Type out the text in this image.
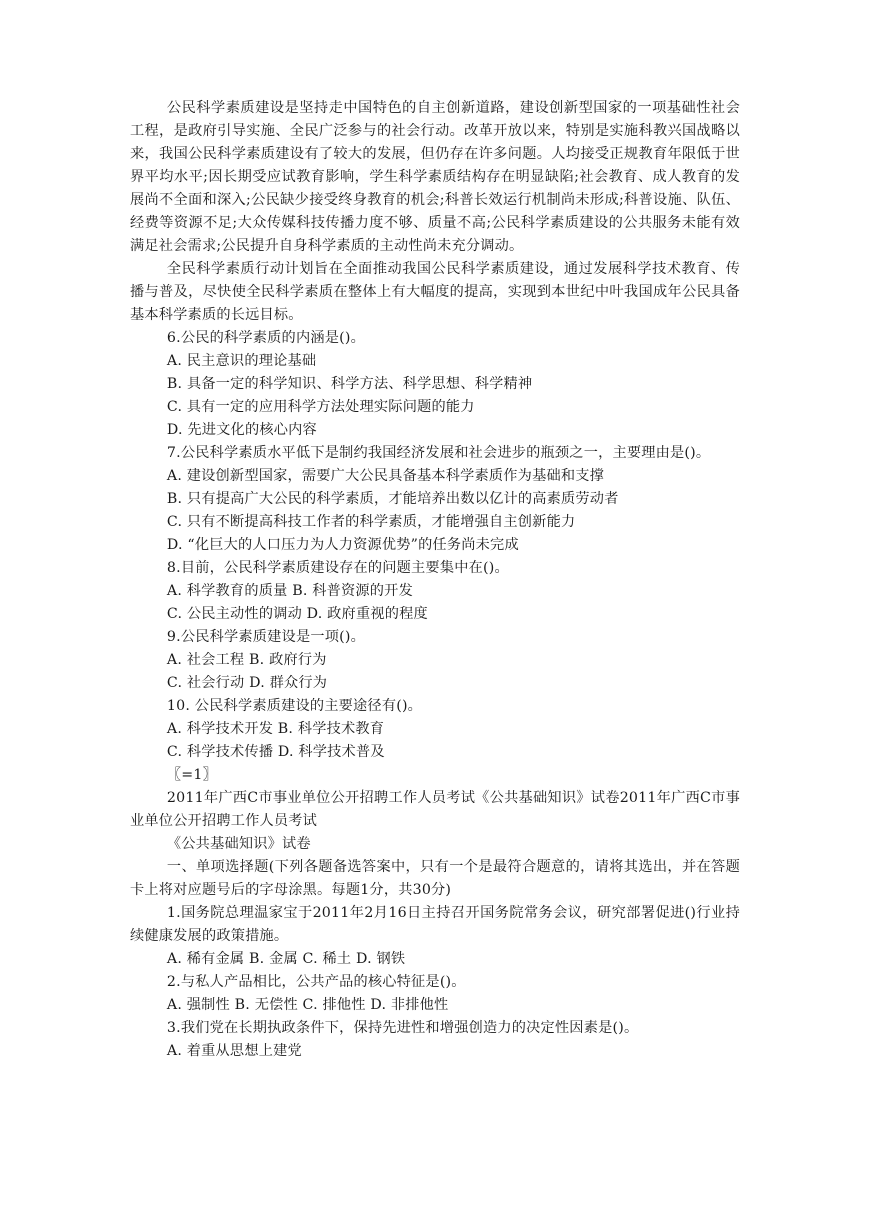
公民科学素质建设是坚持走中国特色的自主创新道路，建设创新型国家的一项基础性社会工程，是政府引导实施、全民广泛参与的社会行动。改革开放以来，特别是实施科教兴国战略以来，我国公民科学素质建设有了较大的发展，但仍存在许多问题。人均接受正规教育年限低于世界平均水平;因长期受应试教育影响，学生科学素质结构存在明显缺陷;社会教育、成人教育的发展尚不全面和深入;公民缺少接受终身教育的机会;科普长效运行机制尚未形成;科普设施、队伍、经费等资源不足;大众传媒科技传播力度不够、质量不高;公民科学素质建设的公共服务未能有效满足社会需求;公民提升自身科学素质的主动性尚未充分调动。

全民科学素质行动计划旨在全面推动我国公民科学素质建设，通过发展科学技术教育、传播与普及，尽快使全民科学素质在整体上有大幅度的提高，实现到本世纪中叶我国成年公民具备基本科学素质的长远目标。

6.公民的科学素质的内涵是()。

A. 民主意识的理论基础

B. 具备一定的科学知识、科学方法、科学思想、科学精神

C. 具有一定的应用科学方法处理实际问题的能力

D. 先进文化的核心内容

7.公民科学素质水平低下是制约我国经济发展和社会进步的瓶颈之一，主要理由是()。

A. 建设创新型国家，需要广大公民具备基本科学素质作为基础和支撑

B. 只有提高广大公民的科学素质，才能培养出数以亿计的高素质劳动者

C. 只有不断提高科技工作者的科学素质，才能增强自主创新能力

D. “化巨大的人口压力为人力资源优势”的任务尚未完成

8.目前，公民科学素质建设存在的问题主要集中在()。

A. 科学教育的质量 B. 科普资源的开发

C. 公民主动性的调动 D. 政府重视的程度

9.公民科学素质建设是一项()。

A. 社会工程 B. 政府行为

C. 社会行动 D. 群众行为

10. 公民科学素质建设的主要途径有()。

A. 科学技术开发 B. 科学技术教育

C. 科学技术传播 D. 科学技术普及

〖=1〗

2011年广西C市事业单位公开招聘工作人员考试《公共基础知识》试卷2011年广西C市事业单位公开招聘工作人员考试

《公共基础知识》试卷

一、单项选择题(下列各题备选答案中，只有一个是最符合题意的，请将其选出，并在答题卡上将对应题号后的字母涂黑。每题1分，共30分)

1.国务院总理温家宝于2011年2月16日主持召开国务院常务会议，研究部署促进()行业持续健康发展的政策措施。

A. 稀有金属 B. 金属 C. 稀土 D. 钢铁

2.与私人产品相比，公共产品的核心特征是()。

A. 强制性 B. 无偿性 C. 排他性 D. 非排他性

3.我们党在长期执政条件下，保持先进性和增强创造力的决定性因素是()。

A. 着重从思想上建党
